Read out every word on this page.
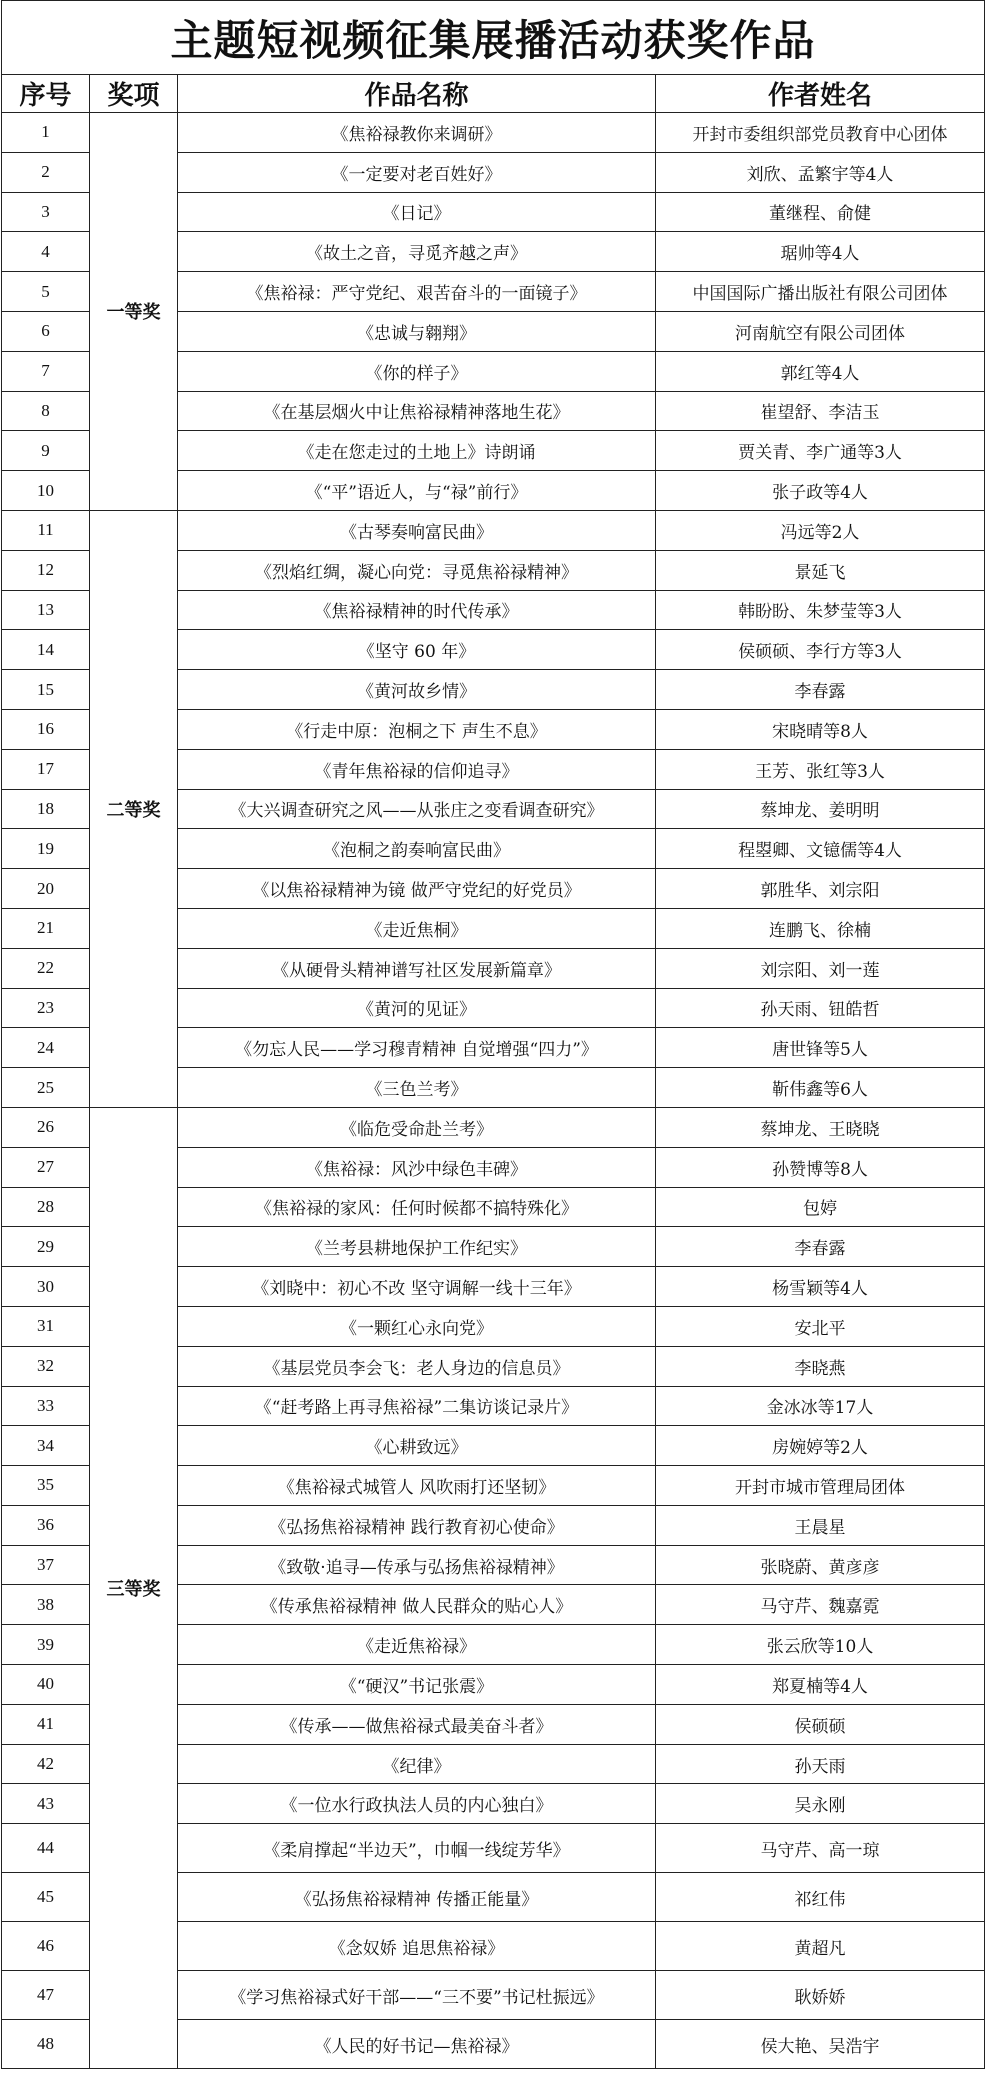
主题短视频征集展播活动获奖作品			
序号	奖项	作品名称	作者姓名
1	一等奖	《焦裕禄教你来调研》	开封市委组织部党员教育中心团体
2		《一定要对老百姓好》	刘欣、孟繁宇等4人
3		《日记》	董继程、俞健
4		《故土之音，寻觅齐越之声》	琚帅等4人
5		《焦裕禄：严守党纪、艰苦奋斗的一面镜子》	中国国际广播出版社有限公司团体
6		《忠诚与翱翔》	河南航空有限公司团体
7		《你的样子》	郭红等4人
8		《在基层烟火中让焦裕禄精神落地生花》	崔望舒、李洁玉
9		《走在您走过的土地上》诗朗诵	贾关青、李广通等3人
10		《“平”语近人，与“禄”前行》	张子政等4人
11	二等奖	《古琴奏响富民曲》	冯远等2人
12		《烈焰红绸，凝心向党：寻觅焦裕禄精神》	景延飞
13		《焦裕禄精神的时代传承》	韩盼盼、朱梦莹等3人
14		《坚守 60 年》	侯硕硕、李行方等3人
15		《黄河故乡情》	李春露
16		《行走中原：泡桐之下 声生不息》	宋晓晴等8人
17		《青年焦裕禄的信仰追寻》	王芳、张红等3人
18		《大兴调查研究之风——从张庄之变看调查研究》	蔡坤龙、姜明明
19		《泡桐之韵奏响富民曲》	程曌卿、文镱儒等4人
20		《以焦裕禄精神为镜 做严守党纪的好党员》	郭胜华、刘宗阳
21		《走近焦桐》	连鹏飞、徐楠
22		《从硬骨头精神谱写社区发展新篇章》	刘宗阳、刘一莲
23		《黄河的见证》	孙天雨、钮皓哲
24		《勿忘人民——学习穆青精神 自觉增强“四力”》	唐世锋等5人
25		《三色兰考》	靳伟鑫等6人
26	三等奖	《临危受命赴兰考》	蔡坤龙、王晓晓
27		《焦裕禄：风沙中绿色丰碑》	孙赞博等8人
28		《焦裕禄的家风：任何时候都不搞特殊化》	包婷
29		《兰考县耕地保护工作纪实》	李春露
30		《刘晓中：初心不改 坚守调解一线十三年》	杨雪颖等4人
31		《一颗红心永向党》	安北平
32		《基层党员李会飞：老人身边的信息员》	李晓燕
33		《“赶考路上再寻焦裕禄”二集访谈记录片》	金冰冰等17人
34		《心耕致远》	房婉婷等2人
35		《焦裕禄式城管人 风吹雨打还坚韧》	开封市城市管理局团体
36		《弘扬焦裕禄精神 践行教育初心使命》	王晨星
37		《致敬·追寻—传承与弘扬焦裕禄精神》	张晓蔚、黄彦彦
38		《传承焦裕禄精神 做人民群众的贴心人》	马守芹、魏嘉霓
39		《走近焦裕禄》	张云欣等10人
40		《“硬汉”书记张震》	郑夏楠等4人
41		《传承——做焦裕禄式最美奋斗者》	侯硕硕
42		《纪律》	孙天雨
43		《一位水行政执法人员的内心独白》	吴永刚
44		《柔肩撑起“半边天”，巾帼一线绽芳华》	马守芹、高一琼
45		《弘扬焦裕禄精神 传播正能量》	祁红伟
46		《念奴娇 追思焦裕禄》	黄超凡
47		《学习焦裕禄式好干部——“三不要”书记杜振远》	耿娇娇
48		《人民的好书记—焦裕禄》	侯大艳、吴浩宇
